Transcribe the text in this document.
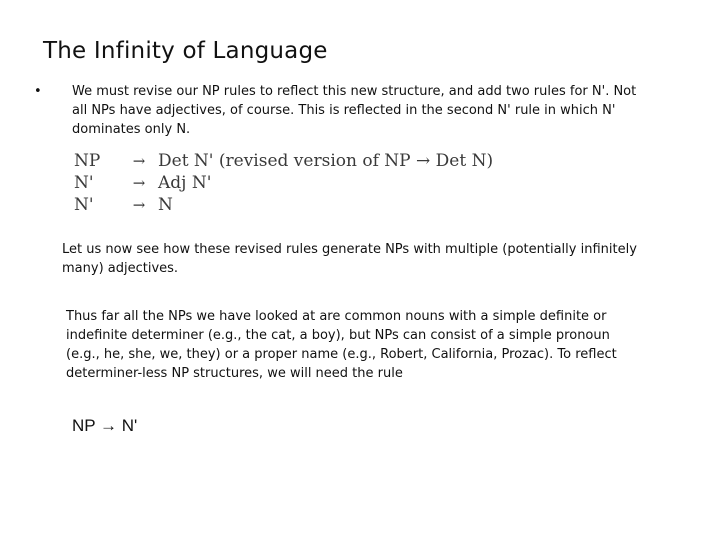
The Infinity of Language
• We must revise our NP rules to reflect this new structure, and add two rules for N'. Not all NPs have adjectives, of course. This is reflected in the second N' rule in which N' dominates only N.
NP	→ Det N' (revised version of NP → Det N)
N'	→ Adj N'
N'	→ N
Let us now see how these revised rules generate NPs with multiple (potentially infinitely many) adjectives.
Thus far all the NPs we have looked at are common nouns with a simple definite or indefinite determiner (e.g., the cat, a boy), but NPs can consist of a simple pronoun (e.g., he, she, we, they) or a proper name (e.g., Robert, California, Prozac). To reflect determiner-less NP structures, we will need the rule
NP → N'
